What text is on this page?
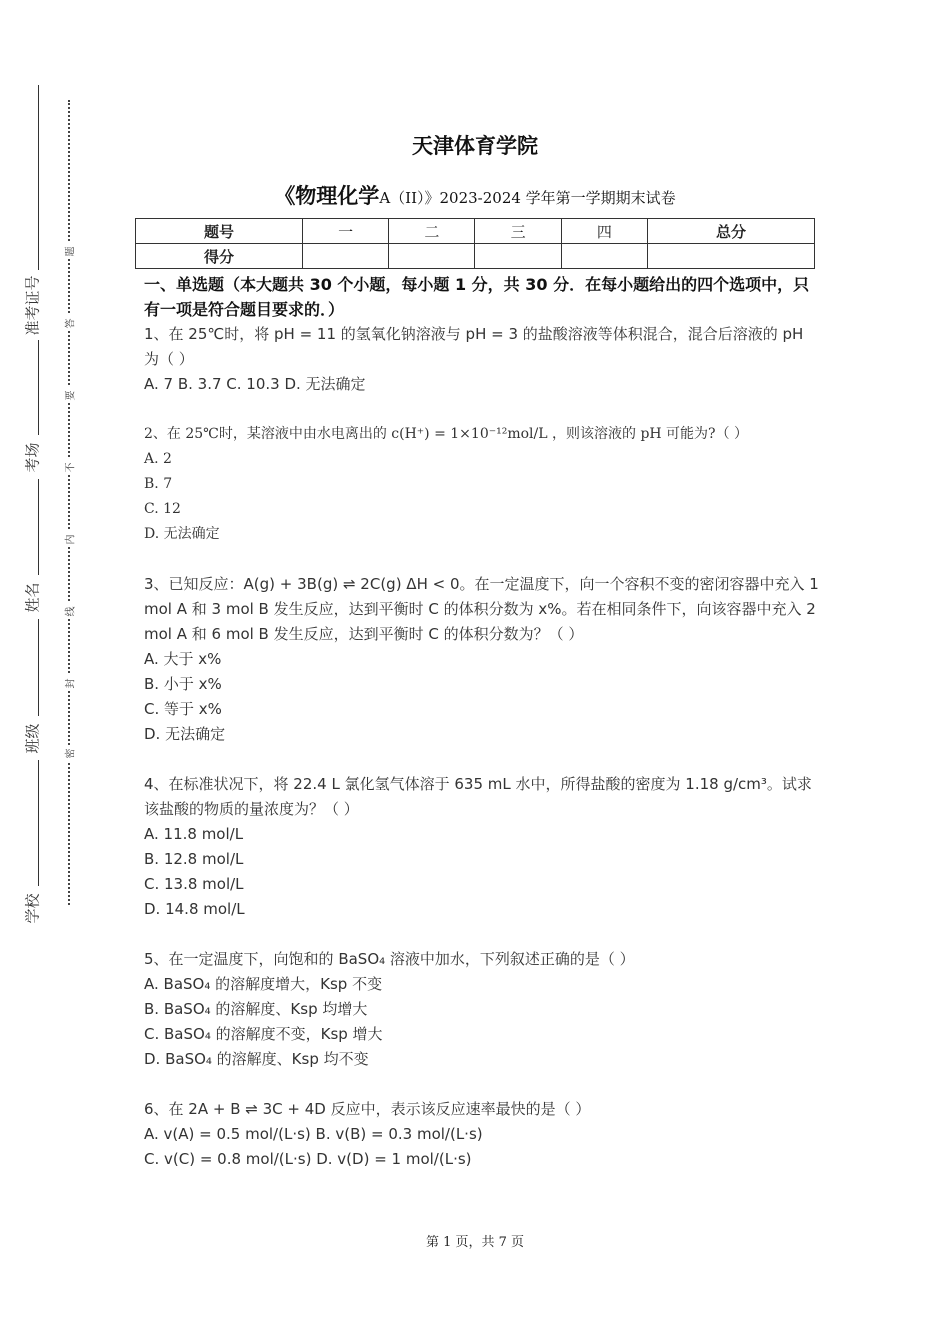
准考证号
考场
姓名
班级
学校
题
答
要
不
内
线
封
密
天津体育学院
《物理化学A（II）》2023-2024 学年第一学期期末试卷
题号	一	二	三	四	总分
得分					

一、单选题（本大题共 30 个小题，每小题 1 分，共 30 分．在每小题给出的四个选项中，只有一项是符合题目要求的．）

1、在 25℃时，将 pH = 11 的氢氧化钠溶液与 pH = 3 的盐酸溶液等体积混合，混合后溶液的 pH 为（ ）

A. 7 B. 3.7 C. 10.3 D. 无法确定

2、在 25℃时，某溶液中由水电离出的 c(H⁺) = 1×10⁻¹²mol/L ，则该溶液的 pH 可能为?（ ）

A. 2

B. 7

C. 12

D. 无法确定

3、已知反应：A(g) + 3B(g) ⇌ 2C(g) ΔH < 0。在一定温度下，向一个容积不变的密闭容器中充入 1 mol A 和 3 mol B 发生反应，达到平衡时 C 的体积分数为 x%。若在相同条件下，向该容器中充入 2 mol A 和 6 mol B 发生反应，达到平衡时 C 的体积分数为？（ ）

A. 大于 x%

B. 小于 x%

C. 等于 x%

D. 无法确定

4、在标准状况下，将 22.4 L 氯化氢气体溶于 635 mL 水中，所得盐酸的密度为 1.18 g/cm³。试求该盐酸的物质的量浓度为？（ ）

A. 11.8 mol/L

B. 12.8 mol/L

C. 13.8 mol/L

D. 14.8 mol/L

5、在一定温度下，向饱和的 BaSO₄ 溶液中加水，下列叙述正确的是（ ）

A. BaSO₄ 的溶解度增大，Ksp 不变

B. BaSO₄ 的溶解度、Ksp 均增大

C. BaSO₄ 的溶解度不变，Ksp 增大

D. BaSO₄ 的溶解度、Ksp 均不变

6、在 2A + B ⇌ 3C + 4D 反应中，表示该反应速率最快的是（ ）

A. v(A) = 0.5 mol/(L·s) B. v(B) = 0.3 mol/(L·s)

C. v(C) = 0.8 mol/(L·s) D. v(D) = 1 mol/(L·s)

第 1 页，共 7 页
